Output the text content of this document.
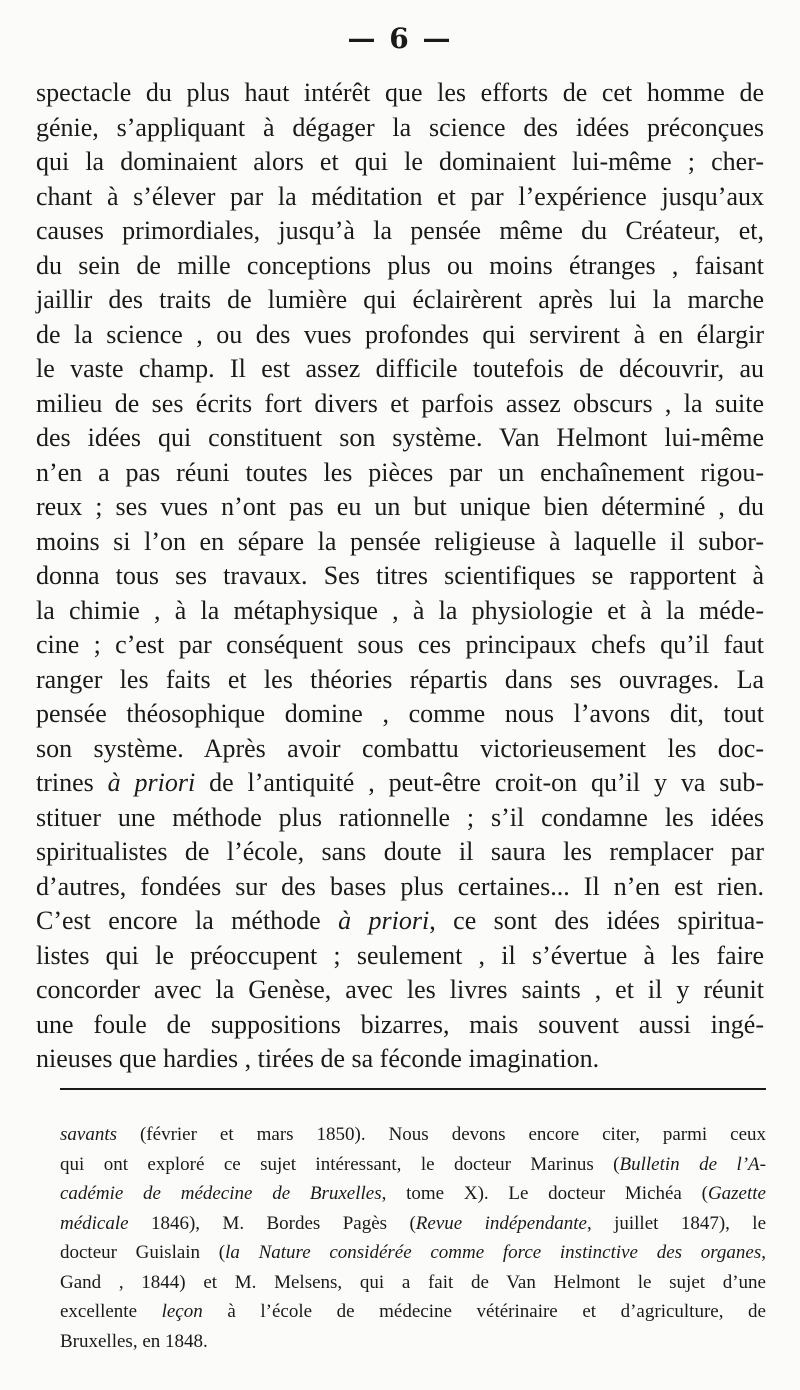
— 6 —
spectacle du plus haut intérêt que les efforts de cet homme de
génie, s’appliquant à dégager la science des idées préconçues
qui la dominaient alors et qui le dominaient lui-même ; cher-
chant à s’élever par la méditation et par l’expérience jusqu’aux
causes primordiales, jusqu’à la pensée même du Créateur, et,
du sein de mille conceptions plus ou moins étranges , faisant
jaillir des traits de lumière qui éclairèrent après lui la marche
de la science , ou des vues profondes qui servirent à en élargir
le vaste champ. Il est assez difficile toutefois de découvrir, au
milieu de ses écrits fort divers et parfois assez obscurs , la suite
des idées qui constituent son système. Van Helmont lui-même
n’en a pas réuni toutes les pièces par un enchaînement rigou-
reux ; ses vues n’ont pas eu un but unique bien déterminé , du
moins si l’on en sépare la pensée religieuse à laquelle il subor-
donna tous ses travaux. Ses titres scientifiques se rapportent à
la chimie , à la métaphysique , à la physiologie et à la méde-
cine ; c’est par conséquent sous ces principaux chefs qu’il faut
ranger les faits et les théories répartis dans ses ouvrages. La
pensée théosophique domine , comme nous l’avons dit, tout
son système. Après avoir combattu victorieusement les doc-
trines à priori de l’antiquité , peut-être croit-on qu’il y va sub-
stituer une méthode plus rationnelle ; s’il condamne les idées
spiritualistes de l’école, sans doute il saura les remplacer par
d’autres, fondées sur des bases plus certaines... Il n’en est rien.
C’est encore la méthode à priori, ce sont des idées spiritua-
listes qui le préoccupent ; seulement , il s’évertue à les faire
concorder avec la Genèse, avec les livres saints , et il y réunit
une foule de suppositions bizarres, mais souvent aussi ingé-
nieuses que hardies , tirées de sa féconde imagination.
savants (février et mars 1850). Nous devons encore citer, parmi ceux
qui ont exploré ce sujet intéressant, le docteur Marinus (Bulletin de l’A-
cadémie de médecine de Bruxelles, tome X). Le docteur Michéa (Gazette
médicale 1846), M. Bordes Pagès (Revue indépendante, juillet 1847), le
docteur Guislain (la Nature considérée comme force instinctive des organes,
Gand , 1844) et M. Melsens, qui a fait de Van Helmont le sujet d’une
excellente leçon à l’école de médecine vétérinaire et d’agriculture, de
Bruxelles, en 1848.
